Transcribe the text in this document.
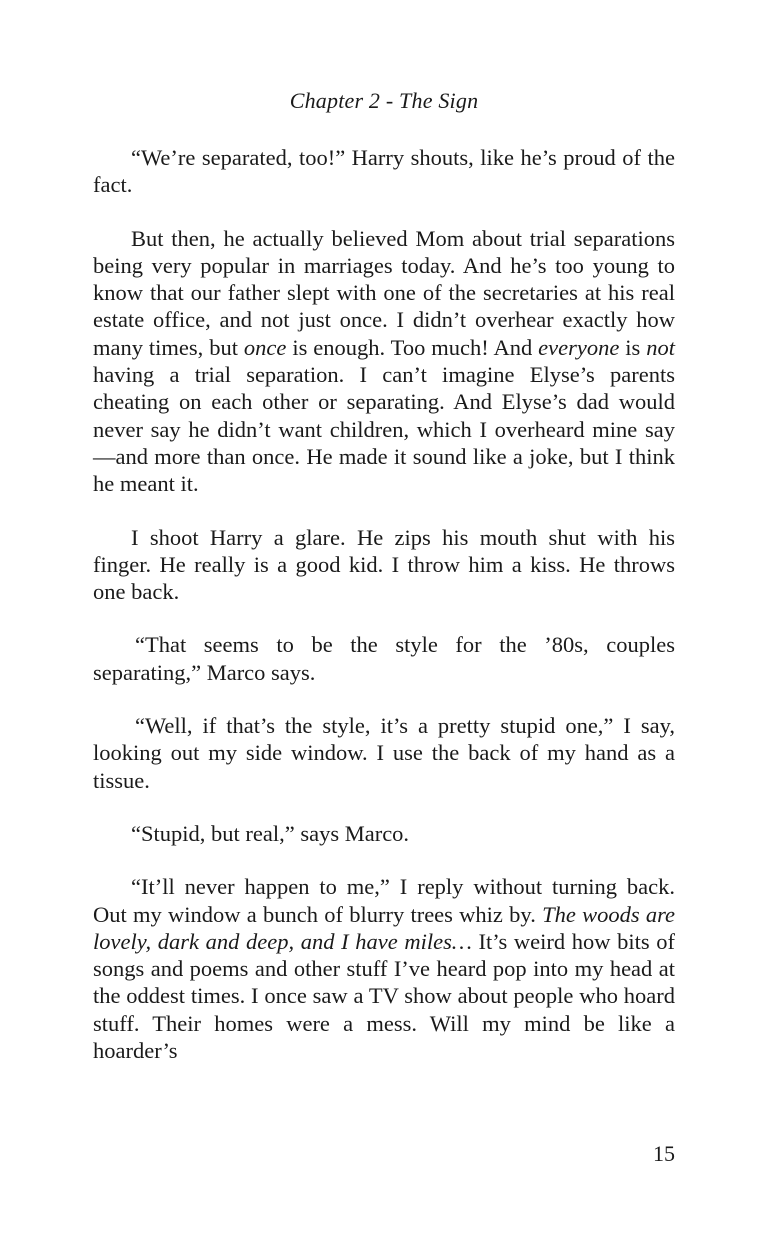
Chapter 2 - The Sign

“We’re separated, too!” Harry shouts, like he’s proud of the fact.

But then, he actually believed Mom about trial separations being very popular in marriages today. And he’s too young to know that our father slept with one of the secretaries at his real estate office, and not just once. I didn’t overhear exactly how many times, but once is enough. Too much! And everyone is not having a trial separation. I can’t imagine Elyse’s parents cheating on each other or separating. And Elyse’s dad would never say he didn’t want children, which I overheard mine say—and more than once. He made it sound like a joke, but I think he meant it.

I shoot Harry a glare. He zips his mouth shut with his finger. He really is a good kid. I throw him a kiss. He throws one back.

“That seems to be the style for the ’80s, couples separating,” Marco says.

“Well, if that’s the style, it’s a pretty stupid one,” I say, looking out my side window. I use the back of my hand as a tissue.

“Stupid, but real,” says Marco.

“It’ll never happen to me,” I reply without turning back. Out my window a bunch of blurry trees whiz by. The woods are lovely, dark and deep, and I have miles… It’s weird how bits of songs and poems and other stuff I’ve heard pop into my head at the oddest times. I once saw a TV show about people who hoard stuff. Their homes were a mess. Will my mind be like a hoarder’s

15
